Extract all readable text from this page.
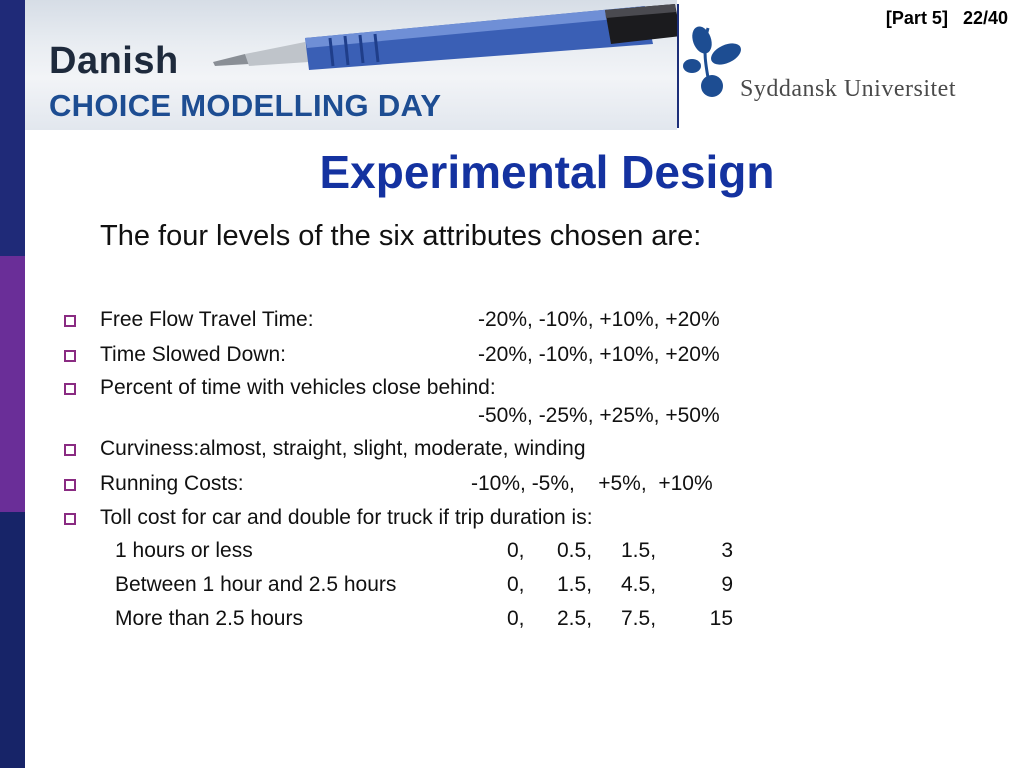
Danish
CHOICE MODELLING DAY	Syddansk Universitet
[Part 5] 22/40
Experimental Design
The four levels of the six attributes chosen are:
Free Flow Travel Time:	-20%, -10%, +10%, +20%
Time Slowed Down:	-20%, -10%, +10%, +20%
Percent of time with vehicles close behind:
-50%, -25%, +25%, +50%
Curviness:almost, straight, slight, moderate, winding
Running Costs:	-10%, -5%,    +5%,  +10%
Toll cost for car and double for truck if trip duration is:
1 hours or less	0, 0.5, 1.5,	3
Between 1 hour and 2.5 hours	0, 1.5, 4.5,	9
More than 2.5 hours	0, 2.5, 7.5,	15
